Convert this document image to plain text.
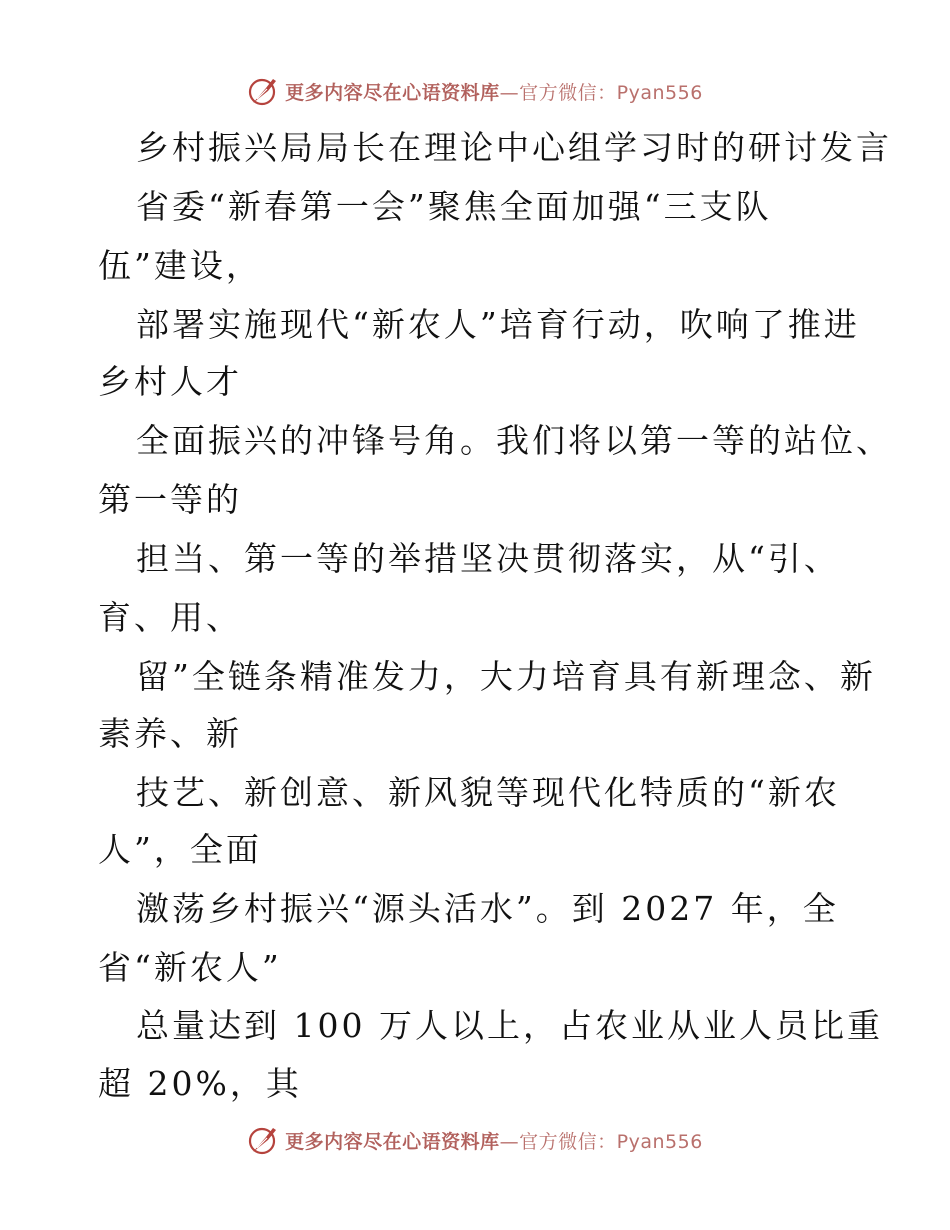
更多内容尽在心语资料库—官方微信：Pyan556
乡村振兴局局长在理论中心组学习时的研讨发言
省委“新春第一会”聚焦全面加强“三支队
伍”建设，
部署实施现代“新农人”培育行动，吹响了推进
乡村人才
全面振兴的冲锋号角。我们将以第一等的站位、
第一等的
担当、第一等的举措坚决贯彻落实，从“引、
育、用、
留”全链条精准发力，大力培育具有新理念、新
素养、新
技艺、新创意、新风貌等现代化特质的“新农
人”，全面
激荡乡村振兴“源头活水”。到 2027 年，全
省“新农人”
总量达到 100 万人以上，占农业从业人员比重
超 20%，其
更多内容尽在心语资料库—官方微信：Pyan556
